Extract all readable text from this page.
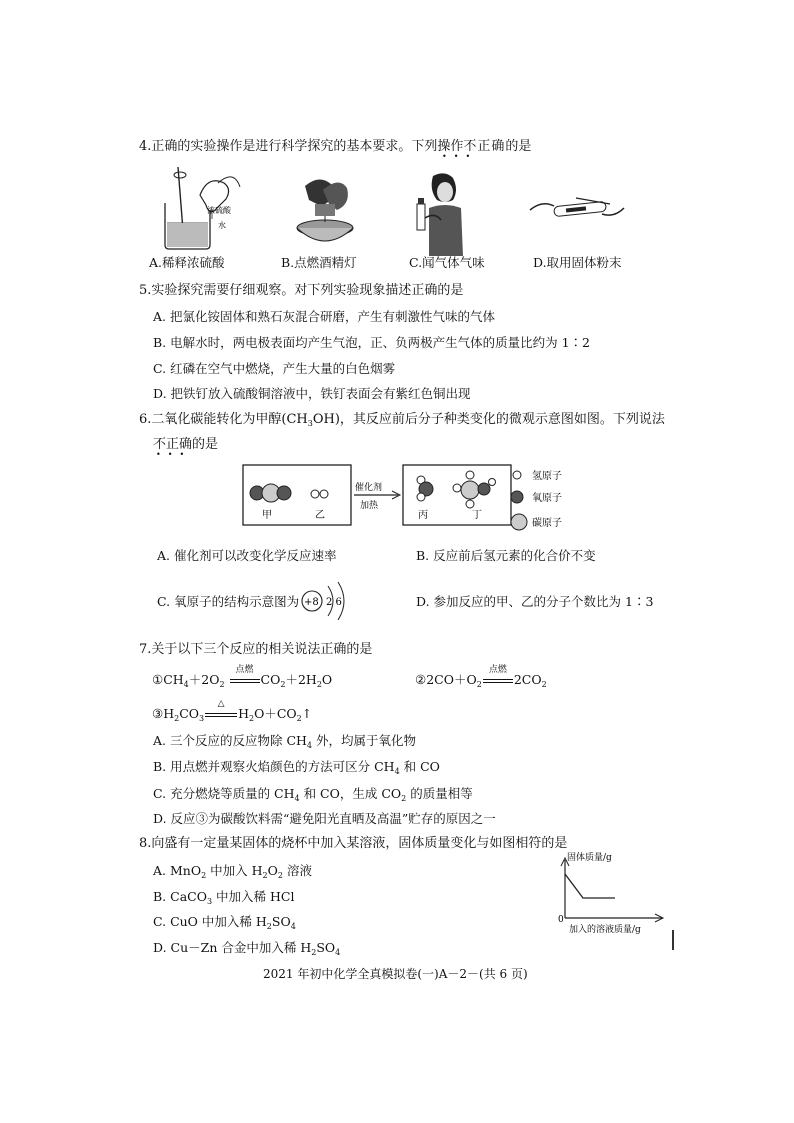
4.正确的实验操作是进行科学探究的基本要求。下列操作不正确的是
•••
浓硫酸
水
A.稀释浓硫酸	B.点燃酒精灯	C.闻气体气味	D.取用固体粉末
5.实验探究需要仔细观察。对下列实验现象描述正确的是
A. 把氯化铵固体和熟石灰混合研磨，产生有刺激性气味的气体
B. 电解水时，两电极表面均产生气泡，正、负两极产生气体的质量比约为 1∶2
C. 红磷在空气中燃烧，产生大量的白色烟雾
D. 把铁钉放入硫酸铜溶液中，铁钉表面会有紫红色铜出现
6.二氧化碳能转化为甲醇$(CH_3OH)$，其反应前后分子种类变化的微观示意图如图。下列说法
不正确的是
•••
甲	乙
催化剂
加热
丙	丁
氢原子
氧原子
碳原子
A. 催化剂可以改变化学反应速率	B. 反应前后氢元素的化合价不变
C. 氧原子的结构示意图为 +8 2 6	D. 参加反应的甲、乙的分子个数比为 1∶3
7.关于以下三个反应的相关说法正确的是
$①CH_4+2O_2$
点燃
$CO_2+2H_2O$	$②2CO+O_2$
点燃
$2CO_2$
$③H_2CO_3$
△
$H_2O+CO_2↑$
A. 三个反应的反应物除 $CH_4$ 外，均属于氧化物
B. 用点燃并观察火焰颜色的方法可区分 $CH_4$ 和 CO
C. 充分燃烧等质量的 $CH_4$ 和 CO，生成 $CO_2$ 的质量相等
D. 反应③为碳酸饮料需“避免阳光直晒及高温”贮存的原因之一
8.向盛有一定量某固体的烧杯中加入某溶液，固体质量变化与如图相符的是
A. MnO$_2$ 中加入 $H_2O_2$ 溶液
B. CaCO$_3$ 中加入稀 HCl
C. CuO 中加入稀 $H_2SO_4$
D. Cu－Zn 合金中加入稀 $H_2SO_4$
固体质量/g
0
加入的溶液质量/g
2021 年初中化学全真模拟卷(一)A－2－(共 6 页)
